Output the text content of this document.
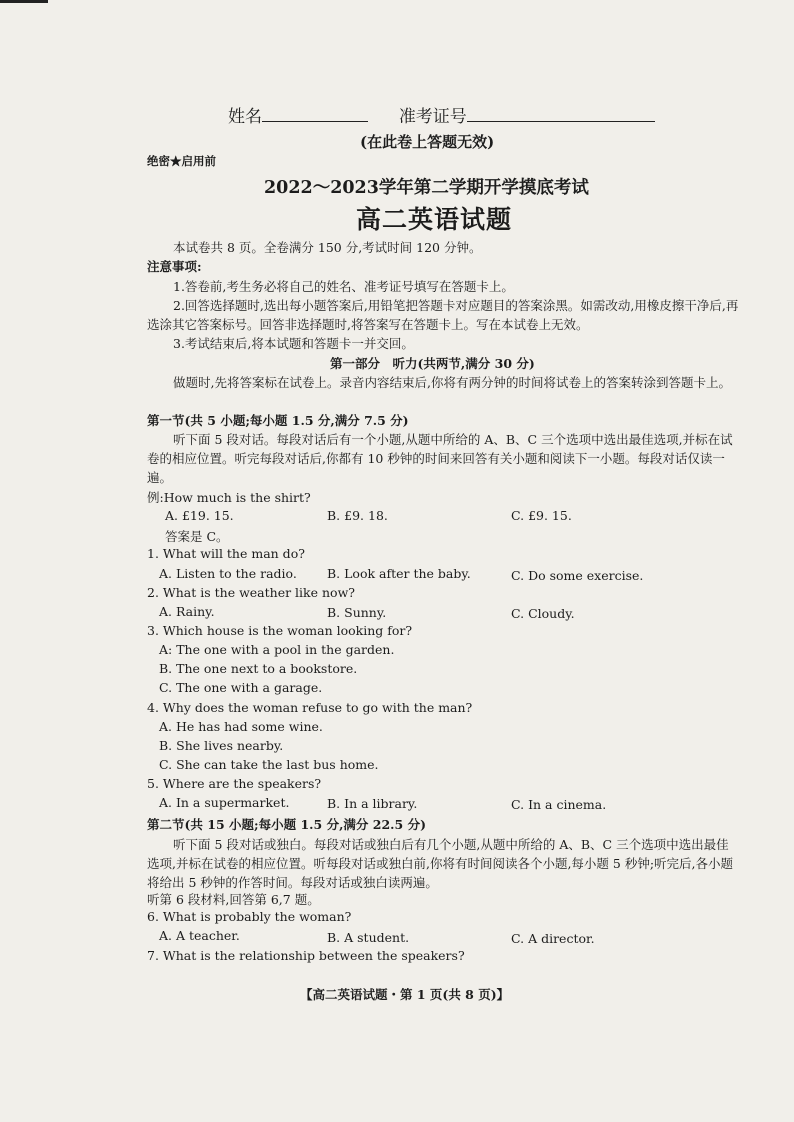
姓名	准考证号
(在此卷上答题无效)
绝密★启用前
2022～2023学年第二学期开学摸底考试
高二英语试题
本试卷共 8 页。全卷满分 150 分,考试时间 120 分钟。
注意事项:
1.答卷前,考生务必将自己的姓名、准考证号填写在答题卡上。
2.回答选择题时,选出每小题答案后,用铅笔把答题卡对应题目的答案涂黑。如需改动,用橡皮擦干净后,再选涂其它答案标号。回答非选择题时,将答案写在答题卡上。写在本试卷上无效。
3.考试结束后,将本试题和答题卡一并交回。
第一部分　听力(共两节,满分 30 分)
做题时,先将答案标在试卷上。录音内容结束后,你将有两分钟的时间将试卷上的答案转涂到答题卡上。
第一节(共 5 小题;每小题 1.5 分,满分 7.5 分)
听下面 5 段对话。每段对话后有一个小题,从题中所给的 A、B、C 三个选项中选出最佳选项,并标在试卷的相应位置。听完每段对话后,你都有 10 秒钟的时间来回答有关小题和阅读下一小题。每段对话仅读一遍。
例:How much is the shirt?
A. £19. 15.	B. £9. 18.	C. £9. 15.
答案是 C。
1. What will the man do?
A. Listen to the radio. B. Look after the baby.	C. Do some exercise.
2. What is the weather like now?
A. Rainy.	B. Sunny.	C. Cloudy.
3. Which house is the woman looking for?
A: The one with a pool in the garden.
B. The one next to a bookstore.
C. The one with a garage.
4. Why does the woman refuse to go with the man?
A. He has had some wine.
B. She lives nearby.
C. She can take the last bus home.
5. Where are the speakers?
A. In a supermarket.	B. In a library.	C. In a cinema.
第二节(共 15 小题;每小题 1.5 分,满分 22.5 分)
听下面 5 段对话或独白。每段对话或独白后有几个小题,从题中所给的 A、B、C 三个选项中选出最佳选项,并标在试卷的相应位置。听每段对话或独白前,你将有时间阅读各个小题,每小题 5 秒钟;听完后,各小题将给出 5 秒钟的作答时间。每段对话或独白读两遍。
听第 6 段材料,回答第 6,7 题。
6. What is probably the woman?
A. A teacher.	B. A student.	C. A director.
7. What is the relationship between the speakers?
【高二英语试题・第 1 页(共 8 页)】
